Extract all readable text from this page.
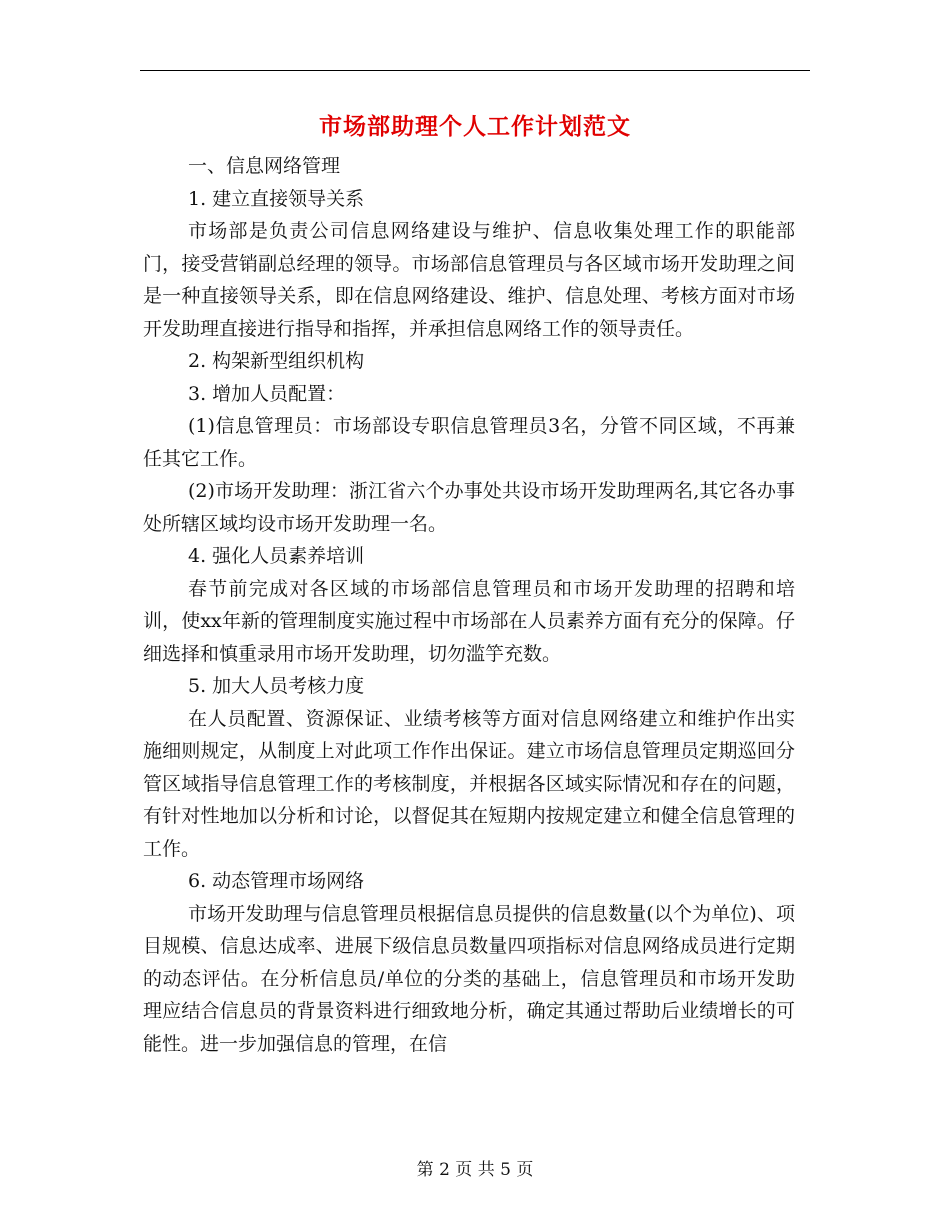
市场部助理个人工作计划范文

一、信息网络管理

1. 建立直接领导关系

市场部是负责公司信息网络建设与维护、信息收集处理工作的职能部门，接受营销副总经理的领导。市场部信息管理员与各区域市场开发助理之间是一种直接领导关系，即在信息网络建设、维护、信息处理、考核方面对市场开发助理直接进行指导和指挥，并承担信息网络工作的领导责任。

2. 构架新型组织机构

3. 增加人员配置：

(1)信息管理员：市场部设专职信息管理员3名，分管不同区域，不再兼任其它工作。

(2)市场开发助理：浙江省六个办事处共设市场开发助理两名,其它各办事处所辖区域均设市场开发助理一名。

4. 强化人员素养培训

春节前完成对各区域的市场部信息管理员和市场开发助理的招聘和培训，使xx年新的管理制度实施过程中市场部在人员素养方面有充分的保障。仔细选择和慎重录用市场开发助理，切勿滥竽充数。

5. 加大人员考核力度

在人员配置、资源保证、业绩考核等方面对信息网络建立和维护作出实施细则规定，从制度上对此项工作作出保证。建立市场信息管理员定期巡回分管区域指导信息管理工作的考核制度，并根据各区域实际情况和存在的问题，有针对性地加以分析和讨论，以督促其在短期内按规定建立和健全信息管理的工作。

6. 动态管理市场网络

市场开发助理与信息管理员根据信息员提供的信息数量(以个为单位)、项目规模、信息达成率、进展下级信息员数量四项指标对信息网络成员进行定期的动态评估。在分析信息员/单位的分类的基础上，信息管理员和市场开发助理应结合信息员的背景资料进行细致地分析，确定其通过帮助后业绩增长的可能性。进一步加强信息的管理，在信

第 2 页 共 5 页
